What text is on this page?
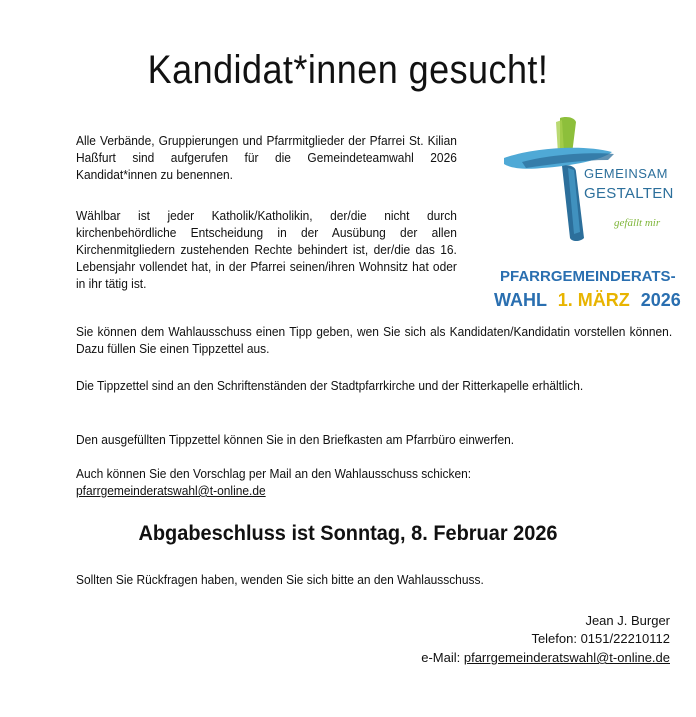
Kandidat*innen gesucht!

Alle Verbände, Gruppierungen und Pfarrmitglieder der Pfarrei St. Kilian Haßfurt sind aufgerufen für die Gemeindeteamwahl 2026 Kandidat*innen zu benennen.

Wählbar ist jeder Katholik/Katholikin, der/die nicht durch kirchenbehördliche Entscheidung in der Ausübung der allen Kirchenmitgliedern zustehenden Rechte behindert ist, der/die das 16. Lebensjahr vollendet hat, in der Pfarrei seinen/ihren Wohnsitz hat oder in ihr tätig ist.

GEMEINSAM
GESTALTEN
gefällt mir
PFARRGEMEINDERATS-
WAHL 1. MÄRZ 2026

Sie können dem Wahlausschuss einen Tipp geben, wen Sie sich als Kandidaten/Kandidatin vorstellen können. Dazu füllen Sie einen Tippzettel aus.

Die Tippzettel sind an den Schriftenständen der Stadtpfarrkirche und der Ritterkapelle erhältlich.

Den ausgefüllten Tippzettel können Sie in den Briefkasten am Pfarrbüro einwerfen.

Auch können Sie den Vorschlag per Mail an den Wahlausschuss schicken:
pfarrgemeinderatswahl@t-online.de

Abgabeschluss ist Sonntag, 8. Februar 2026

Sollten Sie Rückfragen haben, wenden Sie sich bitte an den Wahlausschuss.

Jean J. Burger
Telefon: 0151/22210112
e-Mail: pfarrgemeinderatswahl@t-online.de
